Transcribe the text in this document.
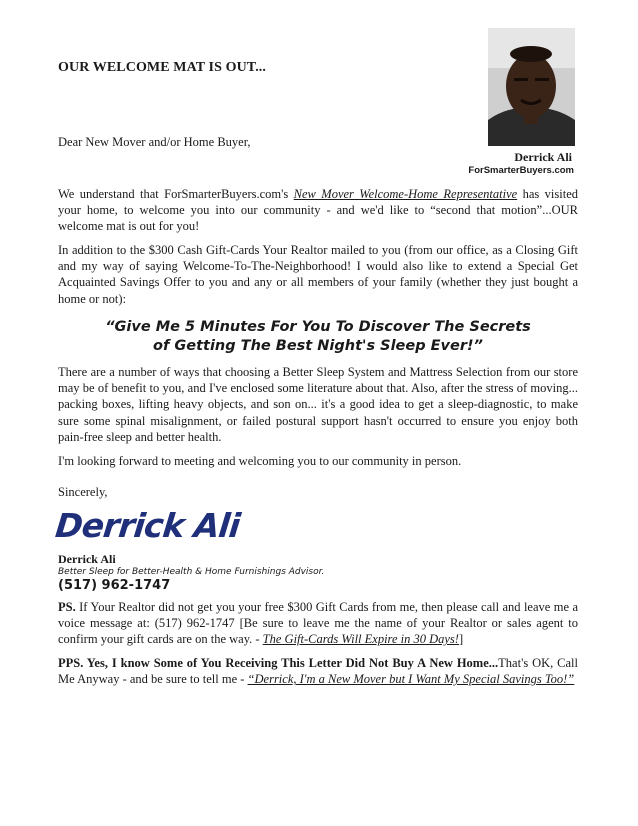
OUR WELCOME MAT IS OUT...
Derrick Ali
ForSmarterBuyers.com
Dear New Mover and/or Home Buyer,
We understand that ForSmarterBuyers.com's New Mover Welcome-Home Representative has visited your home, to welcome you into our community - and we'd like to “second that motion”...OUR welcome mat is out for you!
In addition to the $300 Cash Gift-Cards Your Realtor mailed to you (from our office, as a Closing Gift and my way of saying Welcome-To-The-Neighborhood! I would also like to extend a Special Get Acquainted Savings Offer to you and any or all members of your family (whether they just bought a home or not):
“Give Me 5 Minutes For You To Discover The Secrets
of Getting The Best Night's Sleep Ever!”
There are a number of ways that choosing a Better Sleep System and Mattress Selection from our store may be of benefit to you, and I've enclosed some literature about that. Also, after the stress of moving... packing boxes, lifting heavy objects, and son on... it's a good idea to get a sleep-diagnostic, to make sure some spinal misalignment, or failed postural support hasn't occurred to ensure you enjoy both pain-free sleep and better health.
I'm looking forward to meeting and welcoming you to our community in person.
Sincerely,
Derrick Ali
Derrick Ali
Better Sleep for Better-Health & Home Furnishings Advisor.
(517) 962-1747
PS. If Your Realtor did not get you your free $300 Gift Cards from me, then please call and leave me a voice message at: (517) 962-1747 [Be sure to leave me the name of your Realtor or sales agent to confirm your gift cards are on the way. - The Gift-Cards Will Expire in 30 Days!]
PPS. Yes, I know Some of You Receiving This Letter Did Not Buy A New Home...That's OK, Call Me Anyway - and be sure to tell me - “Derrick, I'm a New Mover but I Want My Special Savings Too!”
